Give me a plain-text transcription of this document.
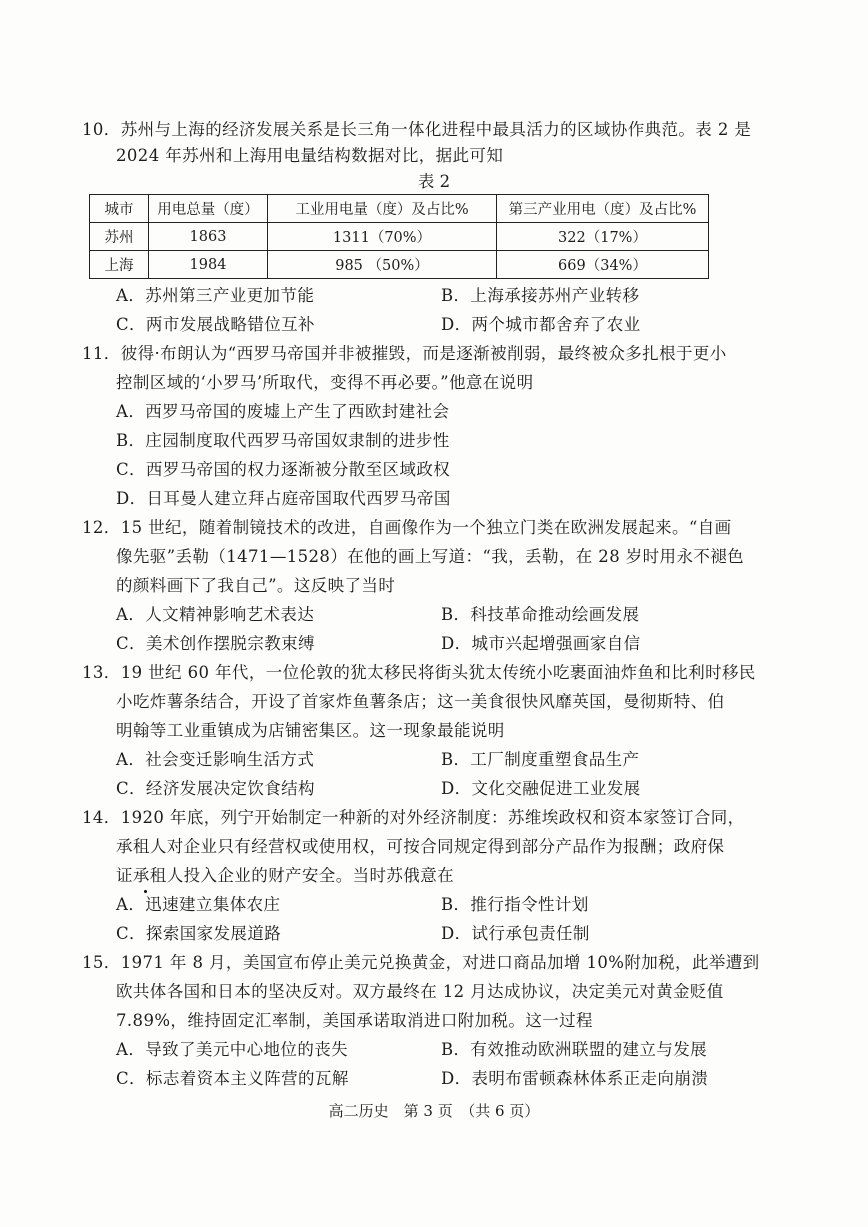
10．苏州与上海的经济发展关系是长三角一体化进程中最具活力的区域协作典范。表 2 是
2024 年苏州和上海用电量结构数据对比，据此可知
表 2
城市	用电总量（度）	工业用电量（度）及占比%	第三产业用电（度）及占比%
苏州	1863	1311（70%）	322（17%）
上海	1984	985 （50%）	669（34%）
A．苏州第三产业更加节能	B．上海承接苏州产业转移
C．两市发展战略错位互补	D．两个城市都舍弃了农业
11．彼得·布朗认为“西罗马帝国并非被摧毁，而是逐渐被削弱，最终被众多扎根于更小
控制区域的‘小罗马’所取代，变得不再必要。”他意在说明
A．西罗马帝国的废墟上产生了西欧封建社会
B．庄园制度取代西罗马帝国奴隶制的进步性
C．西罗马帝国的权力逐渐被分散至区域政权
D．日耳曼人建立拜占庭帝国取代西罗马帝国
12．15 世纪，随着制镜技术的改进，自画像作为一个独立门类在欧洲发展起来。“自画
像先驱”丢勒（1471—1528）在他的画上写道：“我，丢勒，在 28 岁时用永不褪色
的颜料画下了我自己”。这反映了当时
A．人文精神影响艺术表达	B．科技革命推动绘画发展
C．美术创作摆脱宗教束缚	D．城市兴起增强画家自信
13．19 世纪 60 年代，一位伦敦的犹太移民将街头犹太传统小吃裹面油炸鱼和比利时移民
小吃炸薯条结合，开设了首家炸鱼薯条店；这一美食很快风靡英国，曼彻斯特、伯
明翰等工业重镇成为店铺密集区。这一现象最能说明
A．社会变迁影响生活方式	B．工厂制度重塑食品生产
C．经济发展决定饮食结构	D．文化交融促进工业发展
14．1920 年底，列宁开始制定一种新的对外经济制度：苏维埃政权和资本家签订合同，
承租人对企业只有经营权或使用权，可按合同规定得到部分产品作为报酬；政府保
证承租人投入企业的财产安全。当时苏俄意在
A．迅速建立集体农庄	B．推行指令性计划
C．探索国家发展道路	D．试行承包责任制
15．1971 年 8 月，美国宣布停止美元兑换黄金，对进口商品加增 10%附加税，此举遭到
欧共体各国和日本的坚决反对。双方最终在 12 月达成协议，决定美元对黄金贬值
7.89%，维持固定汇率制，美国承诺取消进口附加税。这一过程
A．导致了美元中心地位的丧失	B．有效推动欧洲联盟的建立与发展
C．标志着资本主义阵营的瓦解	D．表明布雷顿森林体系正走向崩溃
高二历史　第 3 页　（共 6 页）
